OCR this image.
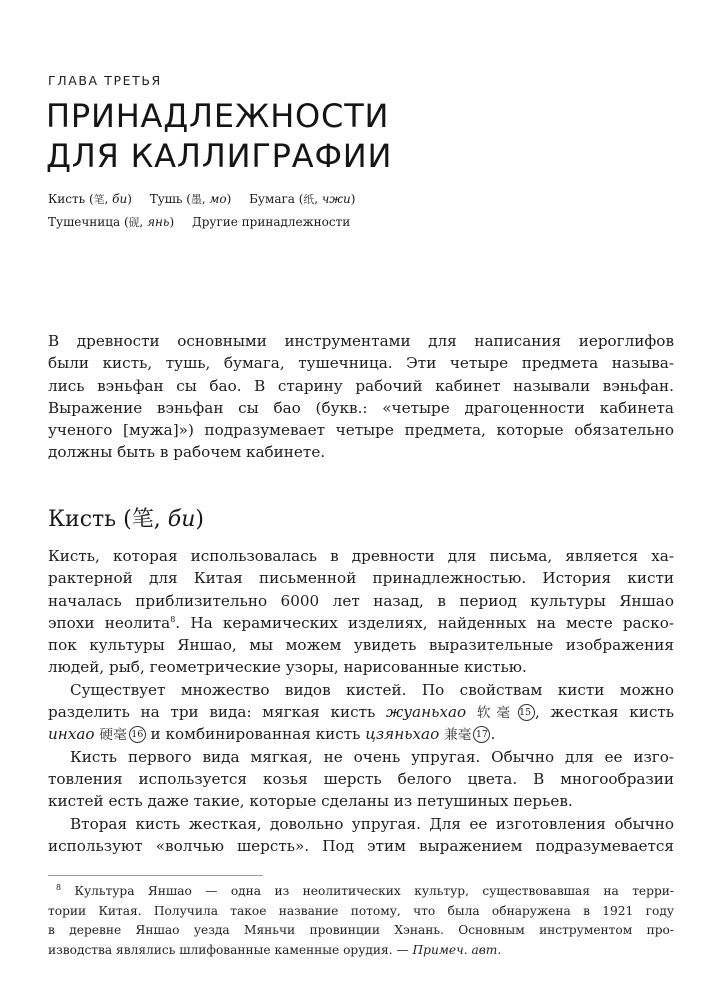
ГЛАВА ТРЕТЬЯ
ПРИНАДЛЕЖНОСТИ
ДЛЯ КАЛЛИГРАФИИ
Кисть (笔, би) Тушь (墨, мо) Бумага (纸, чжи)
Тушечница (砚, янь) Другие принадлежности

В древности основными инструментами для написания иероглифов
были кисть, тушь, бумага, тушечница. Эти четыре предмета называ-
лись вэньфан сы бао. В старину рабочий кабинет называли вэньфан.
Выражение вэньфан сы бао (букв.: «четыре драгоценности кабинета
ученого [мужа]») подразумевает четыре предмета, которые обязательно
должны быть в рабочем кабинете.

Кисть (笔, би)
Кисть, которая использовалась в древности для письма, является ха-
рактерной для Китая письменной принадлежностью. История кисти
началась приблизительно 6000 лет назад, в период культуры Яншао
эпохи неолита$^8$. На керамических изделиях, найденных на месте раско-
пок культуры Яншао, мы можем увидеть выразительные изображения
людей, рыб, геометрические узоры, нарисованные кистью.
Существует множество видов кистей. По свойствам кисти можно
разделить на три вида: мягкая кисть жуаньхао 软毫 15 , жесткая кисть
инхао 硬毫 16 и комбинированная кисть цзяньхао 兼毫 17 .
Кисть первого вида мягкая, не очень упругая. Обычно для ее изго-
товления используется козья шерсть белого цвета. В многообразии
кистей есть даже такие, которые сделаны из петушиных перьев.
Вторая кисть жесткая, довольно упругая. Для ее изготовления обычно
используют «волчью шерсть». Под этим выражением подразумевается

$^8$ Культура Яншао — одна из неолитических культур, существовавшая на терри-
тории Китая. Получила такое название потому, что была обнаружена в 1921 году
в деревне Яншао уезда Мяньчи провинции Хэнань. Основным инструментом про-
изводства являлись шлифованные каменные орудия. — Примеч. авт.
